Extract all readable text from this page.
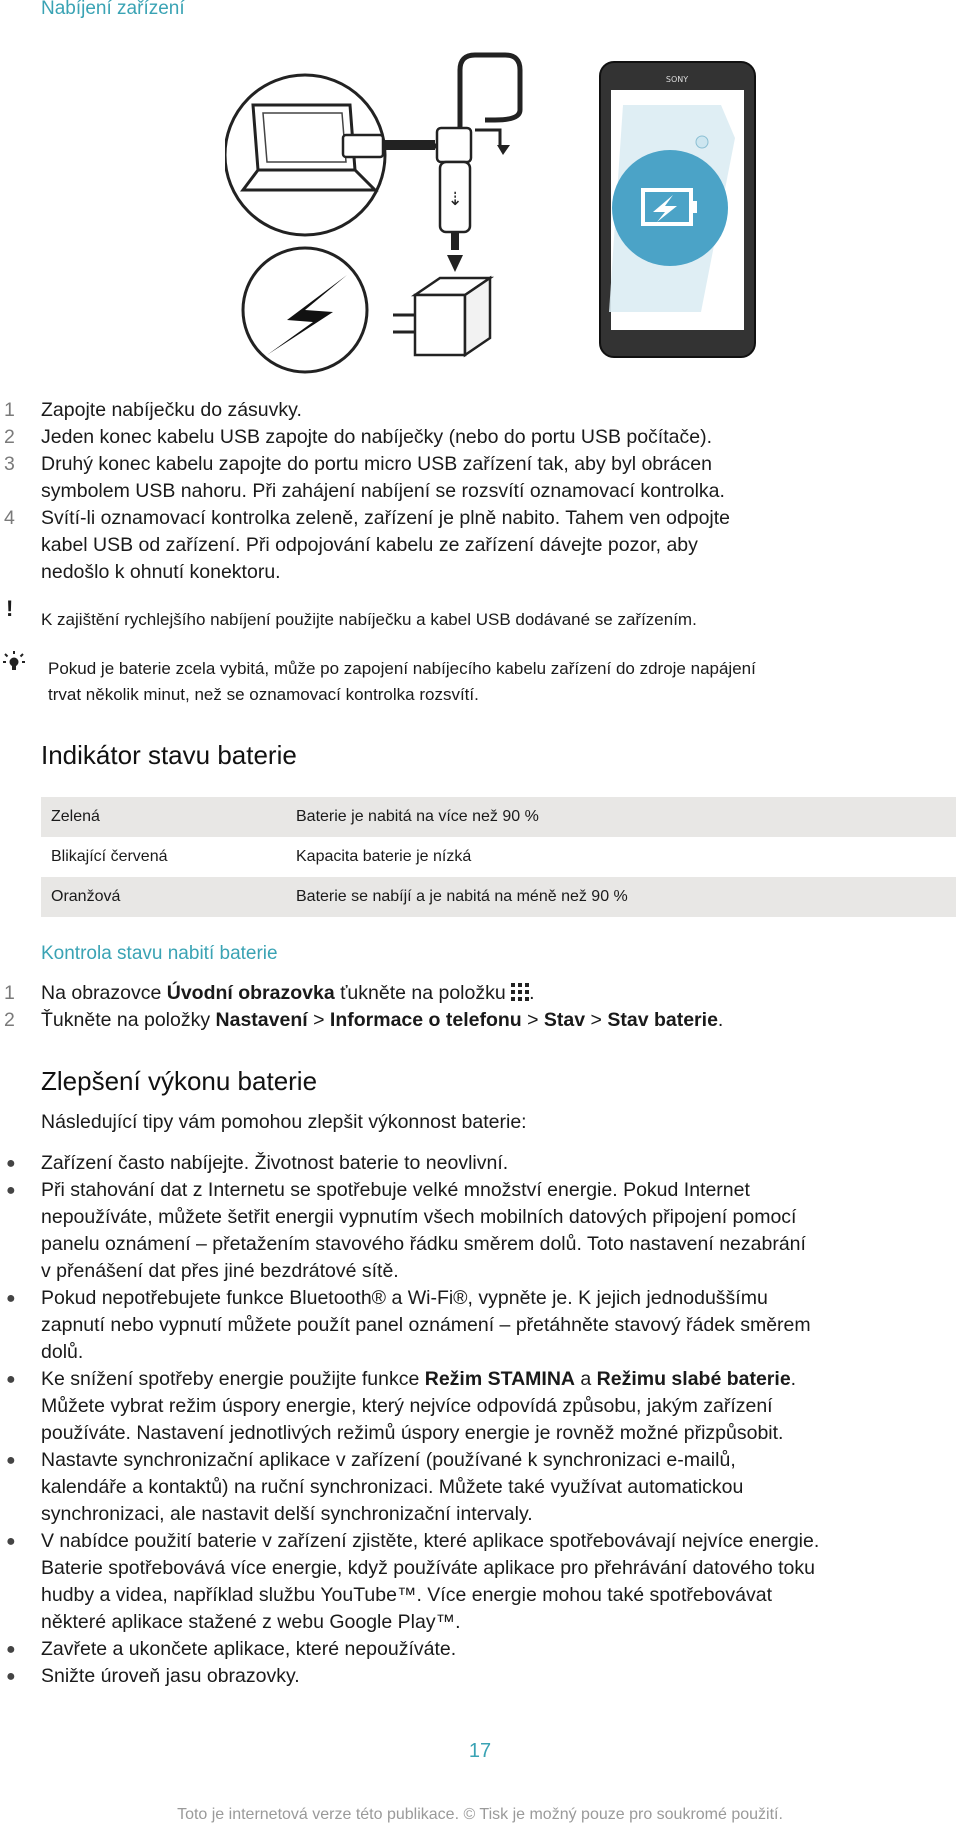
Nabíjení zařízení
⇣
SONY
1 Zapojte nabíječku do zásuvky.
2 Jeden konec kabelu USB zapojte do nabíječky (nebo do portu USB počítače).
3 Druhý konec kabelu zapojte do portu micro USB zařízení tak, aby byl obrácen
symbolem USB nahoru. Při zahájení nabíjení se rozsvítí oznamovací kontrolka.
4 Svítí-li oznamovací kontrolka zeleně, zařízení je plně nabito. Tahem ven odpojte
kabel USB od zařízení. Při odpojování kabelu ze zařízení dávejte pozor, aby
nedošlo k ohnutí konektoru.
! K zajištění rychlejšího nabíjení použijte nabíječku a kabel USB dodávané se zařízením.
Pokud je baterie zcela vybitá, může po zapojení nabíjecího kabelu zařízení do zdroje napájení
trvat několik minut, než se oznamovací kontrolka rozsvítí.
Indikátor stavu baterie
Zelená	Baterie je nabitá na více než 90 %
Blikající červená	Kapacita baterie je nízká
Oranžová	Baterie se nabíjí a je nabitá na méně než 90 %
Kontrola stavu nabití baterie
1 Na obrazovce Úvodní obrazovka ťukněte na položku .
2 Ťukněte na položky Nastavení > Informace o telefonu > Stav > Stav baterie.
Zlepšení výkonu baterie
Následující tipy vám pomohou zlepšit výkonnost baterie:
● Zařízení často nabíjejte. Životnost baterie to neovlivní.
● Při stahování dat z Internetu se spotřebuje velké množství energie. Pokud Internet
nepoužíváte, můžete šetřit energii vypnutím všech mobilních datových připojení pomocí
panelu oznámení – přetažením stavového řádku směrem dolů. Toto nastavení nezabrání
v přenášení dat přes jiné bezdrátové sítě.
● Pokud nepotřebujete funkce Bluetooth® a Wi-Fi®, vypněte je. K jejich jednoduššímu
zapnutí nebo vypnutí můžete použít panel oznámení – přetáhněte stavový řádek směrem
dolů.
● Ke snížení spotřeby energie použijte funkce Režim STAMINA a Režimu slabé baterie.
Můžete vybrat režim úspory energie, který nejvíce odpovídá způsobu, jakým zařízení
používáte. Nastavení jednotlivých režimů úspory energie je rovněž možné přizpůsobit.
● Nastavte synchronizační aplikace v zařízení (používané k synchronizaci e-mailů,
kalendáře a kontaktů) na ruční synchronizaci. Můžete také využívat automatickou
synchronizaci, ale nastavit delší synchronizační intervaly.
● V nabídce použití baterie v zařízení zjistěte, které aplikace spotřebovávají nejvíce energie.
Baterie spotřebovává více energie, když používáte aplikace pro přehrávání datového toku
hudby a videa, například službu YouTube™. Více energie mohou také spotřebovávat
některé aplikace stažené z webu Google Play™.
● Zavřete a ukončete aplikace, které nepoužíváte.
● Snižte úroveň jasu obrazovky.
17
Toto je internetová verze této publikace. © Tisk je možný pouze pro soukromé použití.
